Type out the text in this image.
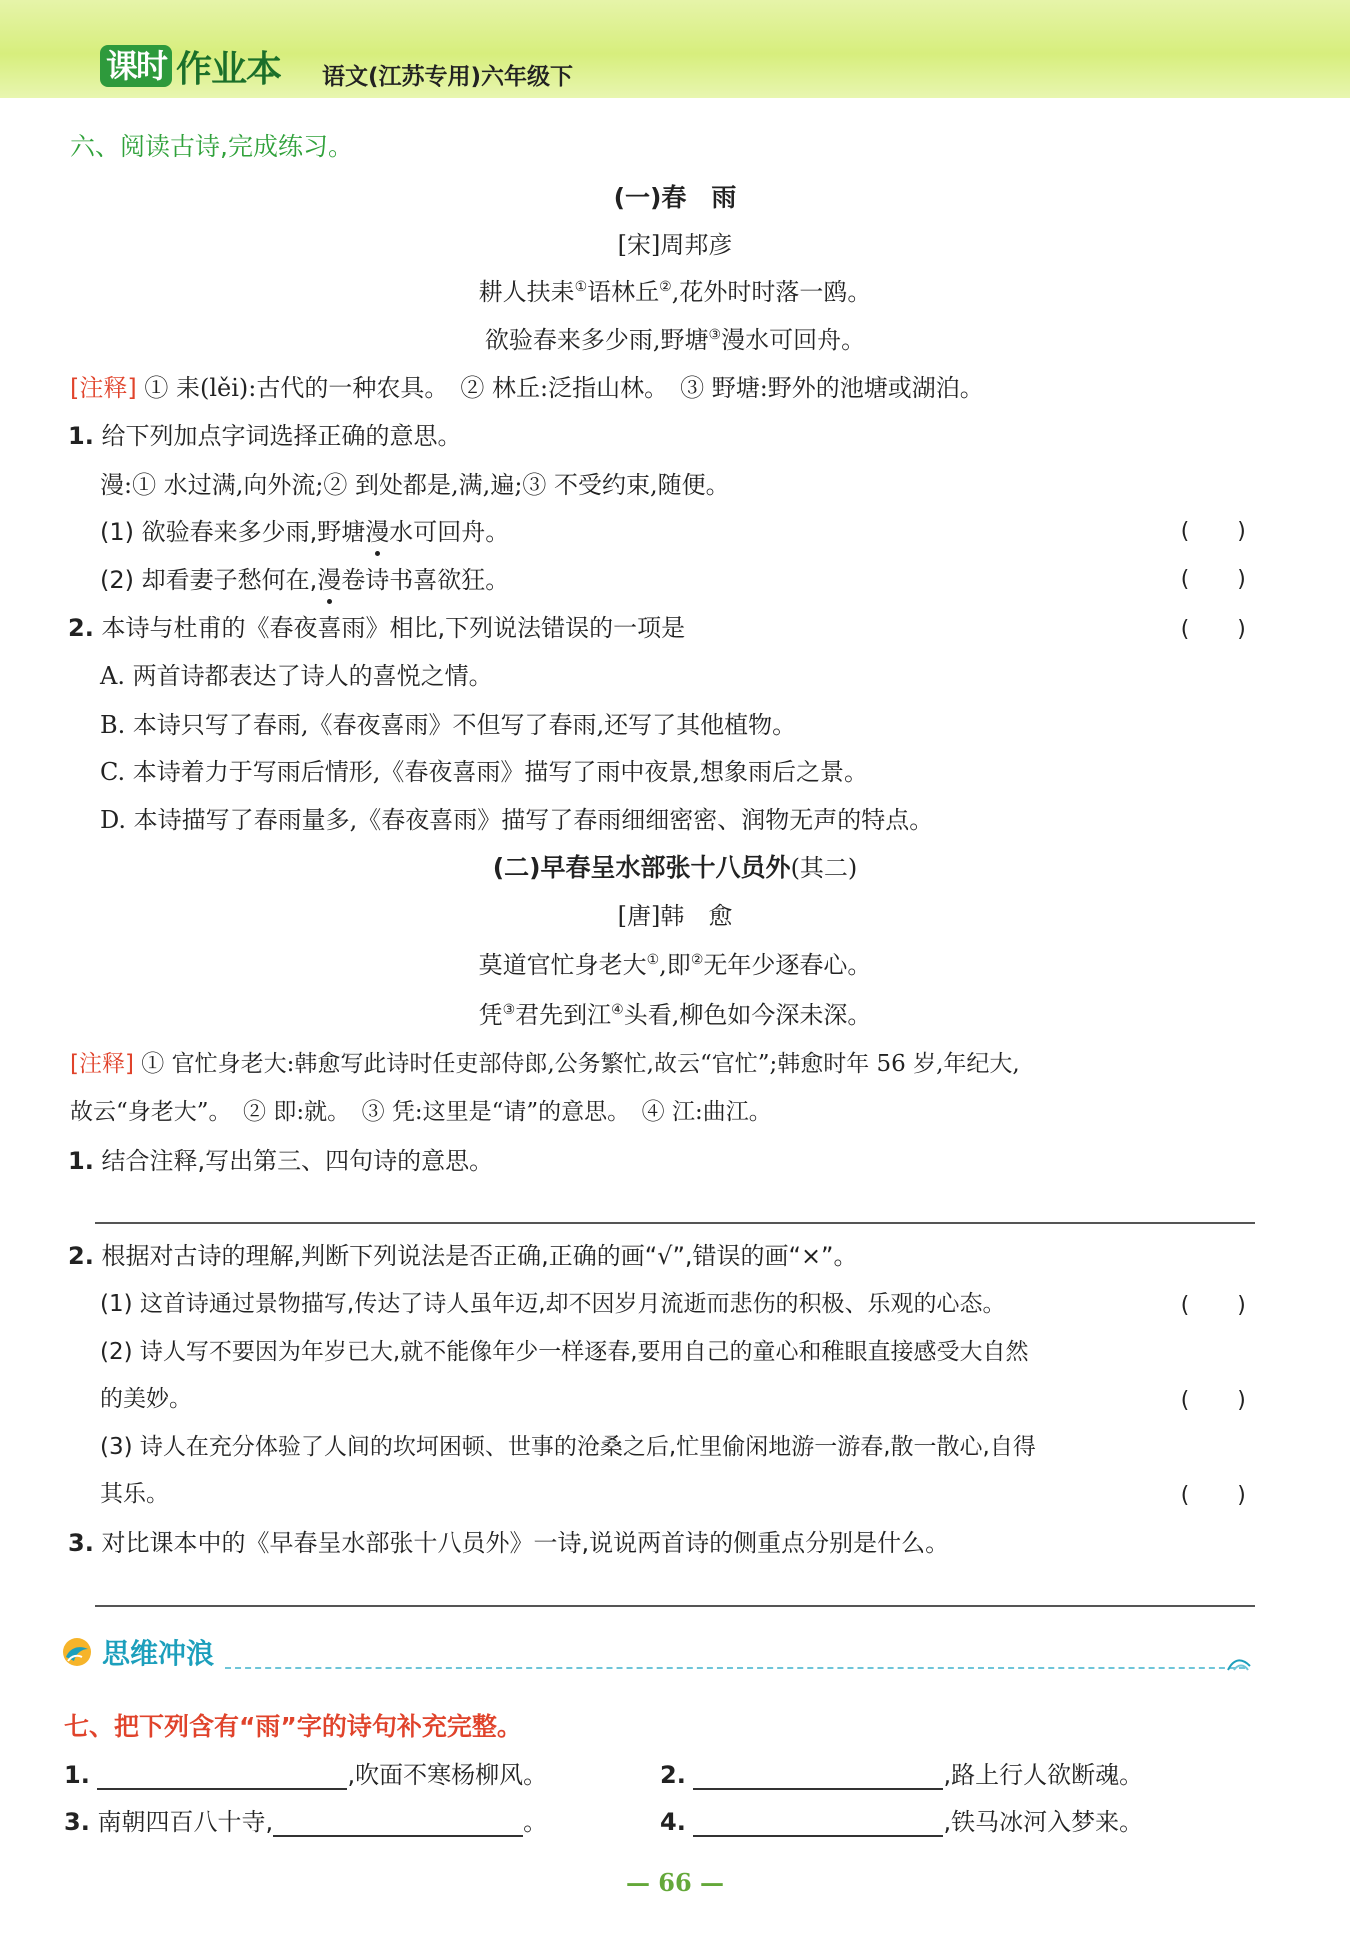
课时 作业本 语文(江苏专用)六年级下
六、阅读古诗,完成练习。
(一)春　雨
[宋]周邦彦
耕人扶耒①语林丘②,花外时时落一鸥。
欲验春来多少雨,野塘③漫水可回舟。
[注释] ① 耒(lěi):古代的一种农具。　② 林丘:泛指山林。　③ 野塘:野外的池塘或湖泊。
1. 给下列加点字词选择正确的意思。
漫:① 水过满,向外流;② 到处都是,满,遍;③ 不受约束,随便。
(1) 欲验春来多少雨,野塘漫水可回舟。	(　　)
(2) 却看妻子愁何在,漫卷诗书喜欲狂。	(　　)
2. 本诗与杜甫的《春夜喜雨》相比,下列说法错误的一项是	(　　)
A. 两首诗都表达了诗人的喜悦之情。
B. 本诗只写了春雨,《春夜喜雨》不但写了春雨,还写了其他植物。
C. 本诗着力于写雨后情形,《春夜喜雨》描写了雨中夜景,想象雨后之景。
D. 本诗描写了春雨量多,《春夜喜雨》描写了春雨细细密密、润物无声的特点。
(二)早春呈水部张十八员外(其二)
[唐]韩　愈
莫道官忙身老大①,即②无年少逐春心。
凭③君先到江④头看,柳色如今深未深。
[注释] ① 官忙身老大:韩愈写此诗时任吏部侍郎,公务繁忙,故云“官忙”;韩愈时年 56 岁,年纪大,
故云“身老大”。　② 即:就。　③ 凭:这里是“请”的意思。　④ 江:曲江。
1. 结合注释,写出第三、四句诗的意思。
2. 根据对古诗的理解,判断下列说法是否正确,正确的画“√”,错误的画“×”。
(1) 这首诗通过景物描写,传达了诗人虽年迈,却不因岁月流逝而悲伤的积极、乐观的心态。	(　　)
(2) 诗人写不要因为年岁已大,就不能像年少一样逐春,要用自己的童心和稚眼直接感受大自然
的美妙。	(　　)
(3) 诗人在充分体验了人间的坎坷困顿、世事的沧桑之后,忙里偷闲地游一游春,散一散心,自得
其乐。	(　　)
3. 对比课本中的《早春呈水部张十八员外》一诗,说说两首诗的侧重点分别是什么。
思维冲浪
七、把下列含有“雨”字的诗句补充完整。
1.	,吹面不寒杨柳风。	2.	,路上行人欲断魂。
3. 南朝四百八十寺,	。	4.	,铁马冰河入梦来。
— 66 —
